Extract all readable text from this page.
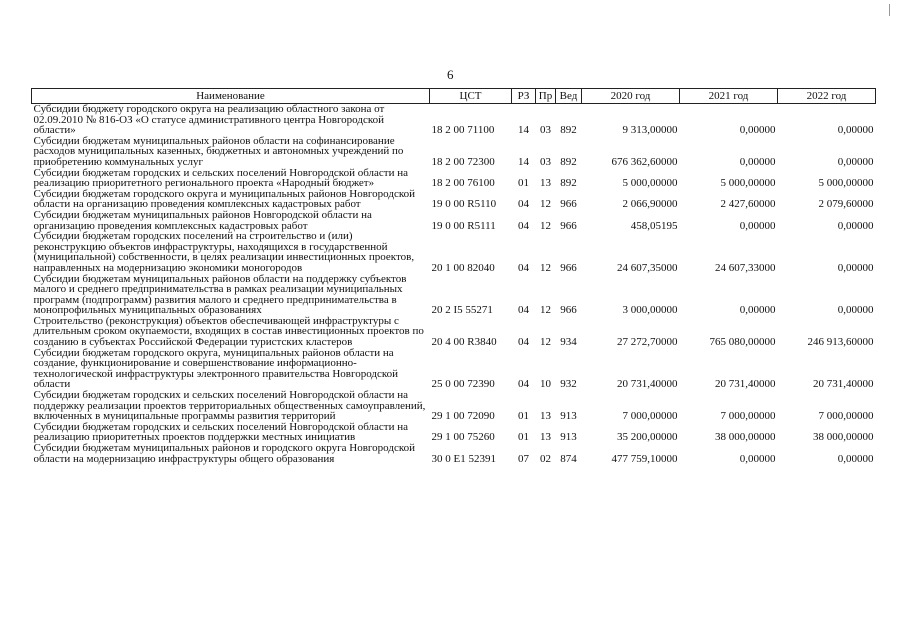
6
Наименование	ЦСТ	РЗ	Пр	Вед	2020 год	2021 год	2022 год
Субсидии бюджету городского округа на реализацию областного закона от 02.09.2010 № 816-ОЗ «О статусе административного центра Новгородской области»	18 2 00 71100	14	03	892	9 313,00000	0,00000	0,00000
Субсидии бюджетам муниципальных районов области на софинансирование расходов муниципальных казенных, бюджетных и автономных учреждений по приобретению коммунальных услуг	18 2 00 72300	14	03	892	676 362,60000	0,00000	0,00000
Субсидии бюджетам городских и сельских поселений Новгородской области на реализацию приоритетного регионального проекта «Народный бюджет»	18 2 00 76100	01	13	892	5 000,00000	5 000,00000	5 000,00000
Субсидии бюджетам городского округа и муниципальных районов Новгородской области на организацию проведения комплексных кадастровых работ	19 0 00 R5110	04	12	966	2 066,90000	2 427,60000	2 079,60000
Субсидии бюджетам муниципальных районов Новгородской области на организацию проведения комплексных кадастровых работ	19 0 00 R5111	04	12	966	458,05195	0,00000	0,00000
Субсидии бюджетам городских поселений на строительство и (или) реконструкцию объектов инфраструктуры, находящихся в государственной (муниципальной) собственности, в целях реализации инвестиционных проектов, направленных на модернизацию экономики моногородов	20 1 00 82040	04	12	966	24 607,35000	24 607,33000	0,00000
Субсидии бюджетам муниципальных районов области на поддержку субъектов малого и среднего предпринимательства в рамках реализации муниципальных программ (подпрограмм) развития малого и среднего предпринимательства в монопрофильных муниципальных образованиях	20 2 I5 55271	04	12	966	3 000,00000	0,00000	0,00000
Строительство (реконструкция) объектов обеспечивающей инфраструктуры с длительным сроком окупаемости, входящих в состав инвестиционных проектов по созданию в субъектах Российской Федерации туристских кластеров	20 4 00 R3840	04	12	934	27 272,70000	765 080,00000	246 913,60000
Субсидии бюджетам городского округа, муниципальных районов области на создание, функционирование и совершенствование информационно-технологической инфраструктуры электронного правительства Новгородской области	25 0 00 72390	04	10	932	20 731,40000	20 731,40000	20 731,40000
Субсидии бюджетам городских и сельских поселений Новгородской области на поддержку реализации проектов территориальных общественных самоуправлений, включенных в муниципальные программы развития территорий	29 1 00 72090	01	13	913	7 000,00000	7 000,00000	7 000,00000
Субсидии бюджетам городских и сельских поселений Новгородской области на реализацию приоритетных проектов поддержки местных инициатив	29 1 00 75260	01	13	913	35 200,00000	38 000,00000	38 000,00000
Субсидии бюджетам муниципальных районов и городского округа Новгородской области на модернизацию инфраструктуры общего образования	30 0 E1 52391	07	02	874	477 759,10000	0,00000	0,00000
